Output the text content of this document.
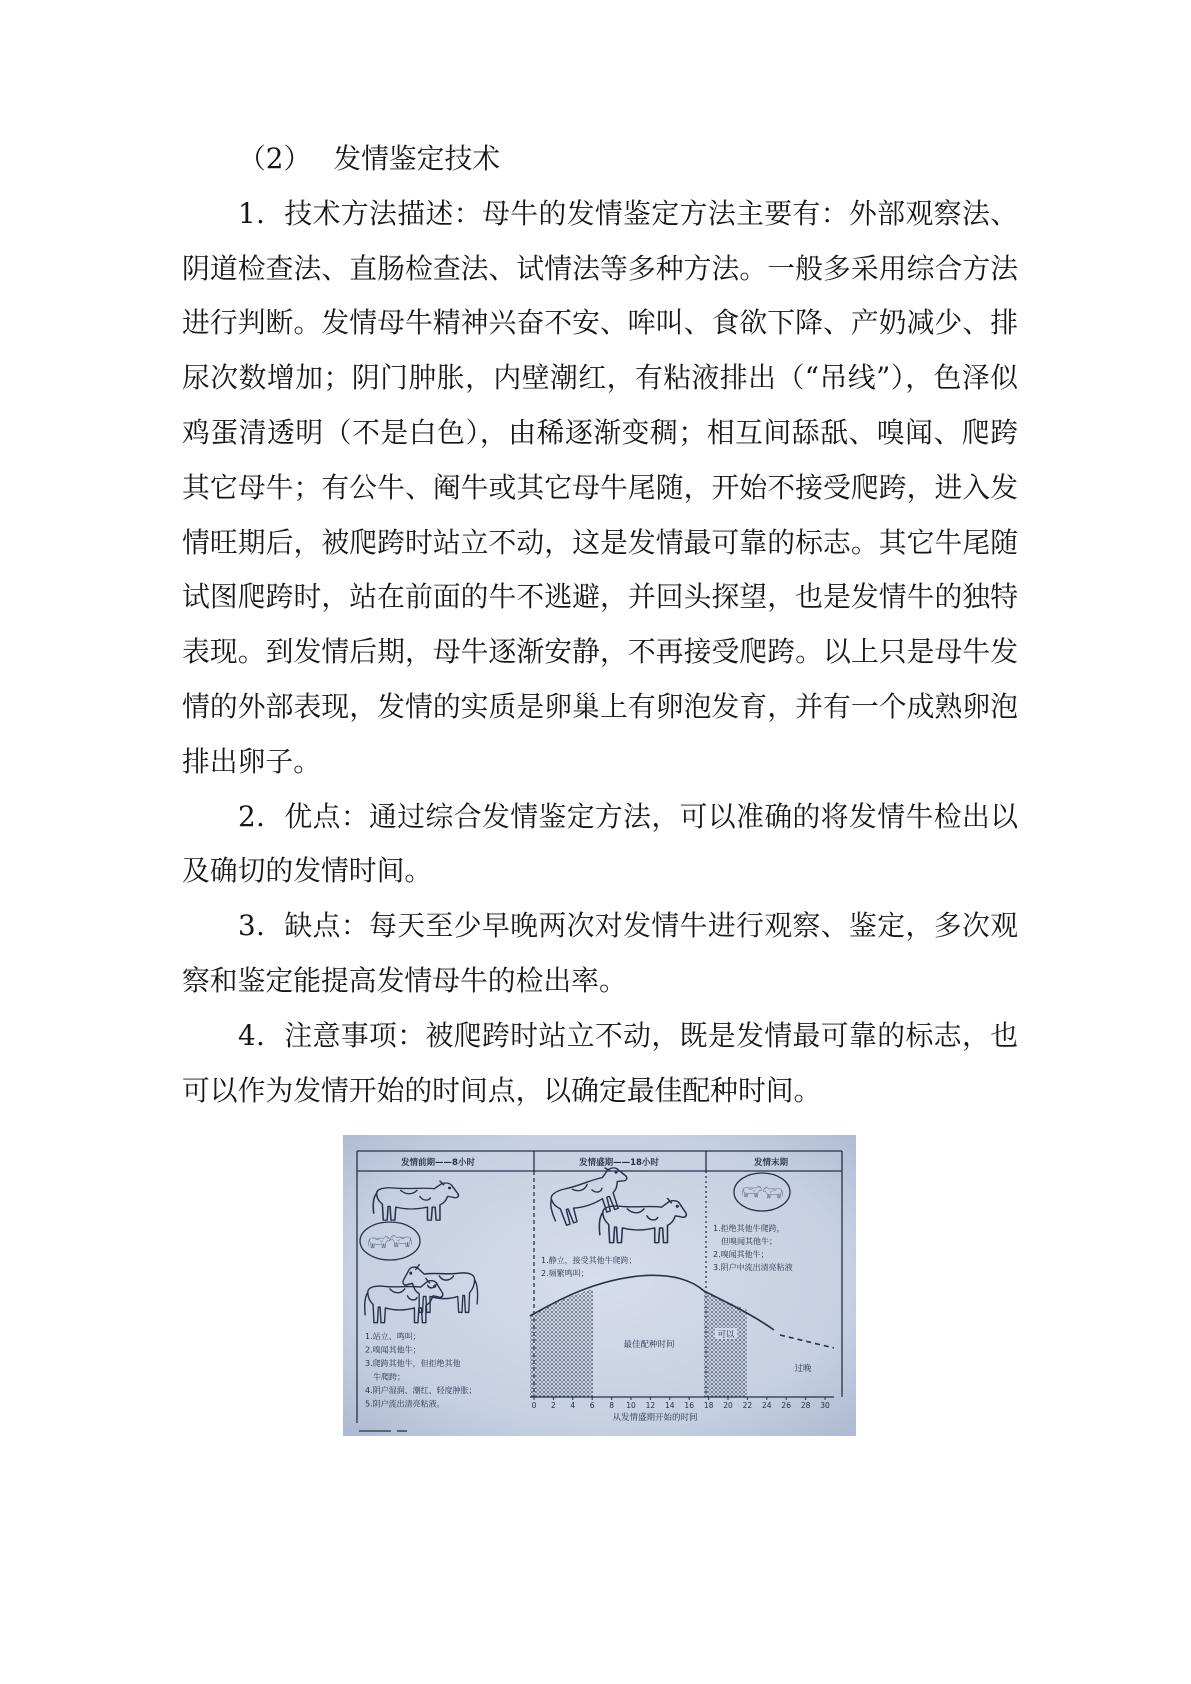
（2） 发情鉴定技术
1．技术方法描述：母牛的发情鉴定方法主要有：外部观察法、
阴道检查法、直肠检查法、试情法等多种方法。一般多采用综合方法
进行判断。发情母牛精神兴奋不安、哞叫、食欲下降、产奶减少、排
尿次数增加；阴门肿胀，内壁潮红，有粘液排出（“吊线”），色泽似
鸡蛋清透明（不是白色），由稀逐渐变稠；相互间舔舐、嗅闻、爬跨
其它母牛；有公牛、阉牛或其它母牛尾随，开始不接受爬跨，进入发
情旺期后，被爬跨时站立不动，这是发情最可靠的标志。其它牛尾随
试图爬跨时，站在前面的牛不逃避，并回头探望，也是发情牛的独特
表现。到发情后期，母牛逐渐安静，不再接受爬跨。以上只是母牛发
情的外部表现，发情的实质是卵巢上有卵泡发育，并有一个成熟卵泡
排出卵子。
2．优点：通过综合发情鉴定方法，可以准确的将发情牛检出以
及确切的发情时间。
3．缺点：每天至少早晚两次对发情牛进行观察、鉴定，多次观
察和鉴定能提高发情母牛的检出率。
4．注意事项：被爬跨时站立不动，既是发情最可靠的标志，也
可以作为发情开始的时间点，以确定最佳配种时间。
发情前期——8小时	发情盛期——18小时	发情末期
1.站立、鸣叫；
2.嗅闻其他牛；
3.爬跨其他牛，但拒绝其他
牛爬跨；
4.阴户湿润、潮红、轻度肿胀；
5.阴户流出清亮粘液。
1.静立，接受其他牛爬跨；
2.频繁鸣叫；
1.拒绝其他牛爬跨，
但嗅闻其他牛；
2.嗅闻其他牛；
3.阴户中流出清亮粘液
最佳配种时间
可以
过晚
0 2 4 6 8 10 12 14 16 18 20 22 24 26 28 30
从发情盛期开始的时间
